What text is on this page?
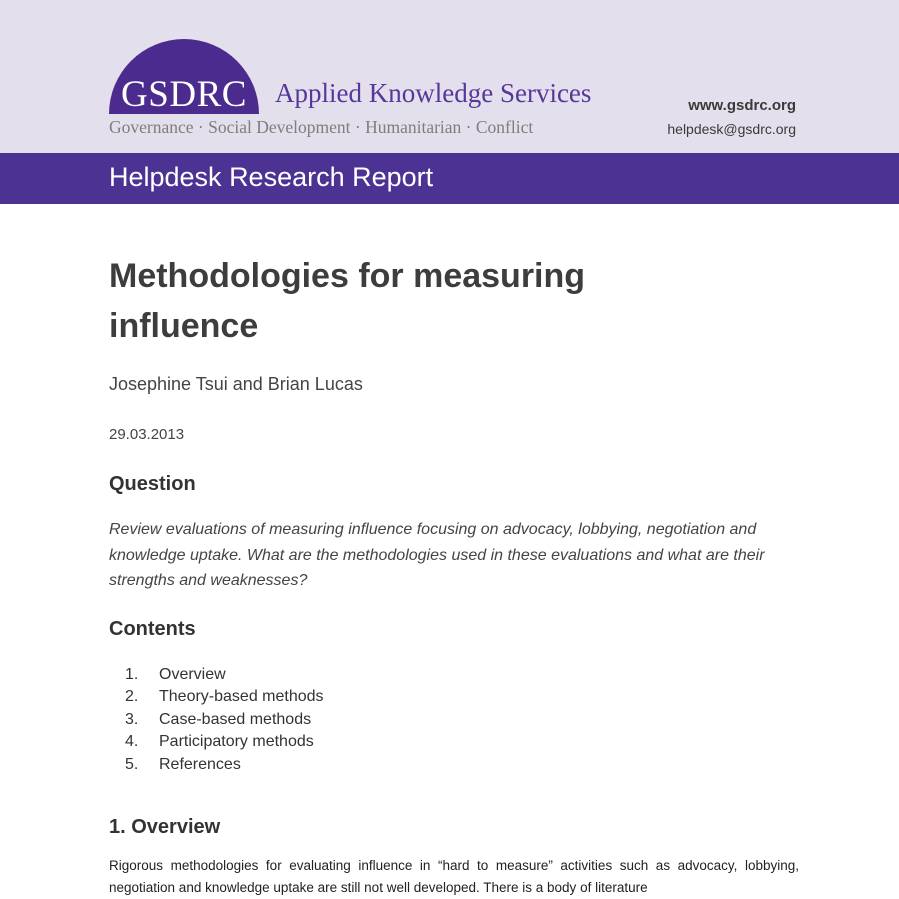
GSDRC	Applied Knowledge Services
Governance · Social Development · Humanitarian · Conflict
www.gsdrc.org
helpdesk@gsdrc.org
Helpdesk Research Report
Methodologies for measuring influence
Josephine Tsui and Brian Lucas
29.03.2013
Question
Review evaluations of measuring influence focusing on advocacy, lobbying, negotiation and knowledge uptake. What are the methodologies used in these evaluations and what are their strengths and weaknesses?
Contents
1.	Overview
2.	Theory-based methods
3.	Case-based methods
4.	Participatory methods
5.	References
1. Overview
Rigorous methodologies for evaluating influence in “hard to measure” activities such as advocacy, lobbying, negotiation and knowledge uptake are still not well developed. There is a body of literature
